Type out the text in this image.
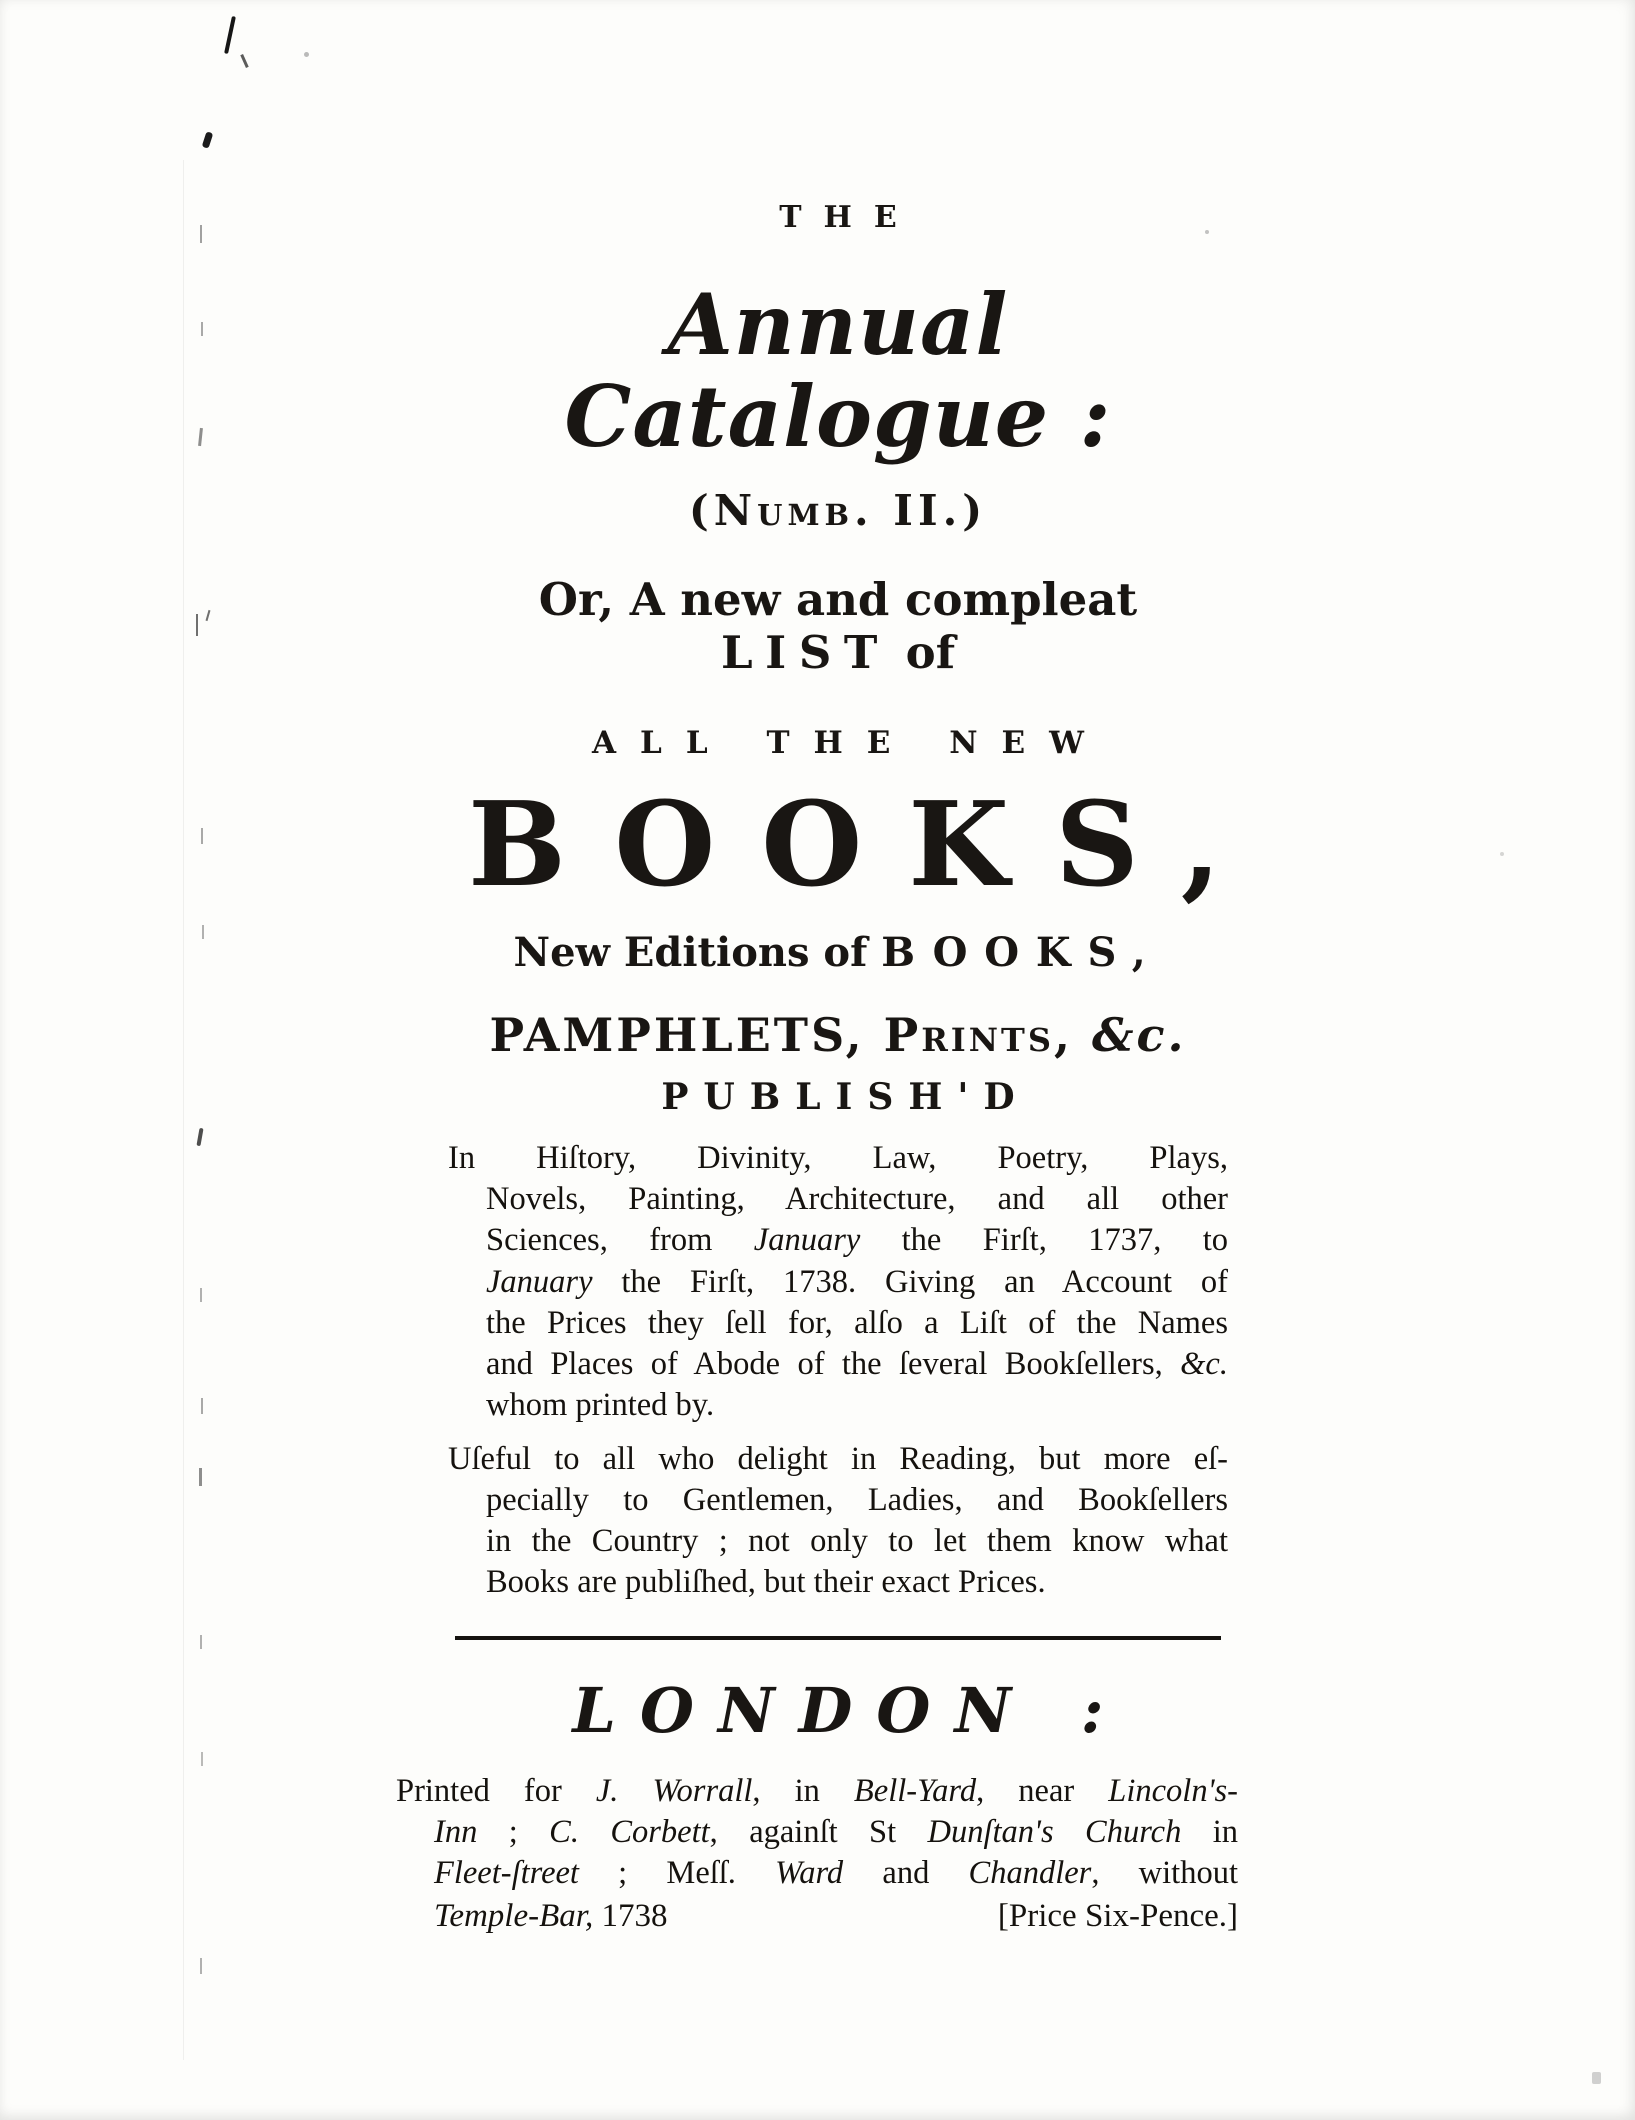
THE
Annual Catalogue :
(Numb. II.)
Or, A new and compleat LIST of
ALL THE NEW
BOOKS,
New Editions of BOOKS,
PAMPHLETS, Prints, &c.
PUBLISH'D
In Hiſtory, Divinity, Law, Poetry, Plays,
Novels, Painting, Architecture, and all other
Sciences, from January the Firſt, 1737, to
January the Firſt, 1738. Giving an Account of
the Prices they ſell for, alſo a Liſt of the Names
and Places of Abode of the ſeveral Bookſellers, &c.
whom printed by.
Uſeful to all who delight in Reading, but more eſ-
pecially to Gentlemen, Ladies, and Bookſellers
in the Country ; not only to let them know what
Books are publiſhed, but their exact Prices.
LONDON :
Printed for J. Worrall, in Bell-Yard, near Lincoln's-
Inn ; C. Corbett, againſt St Dunſtan's Church in
Fleet-ſtreet ; Meſſ. Ward and Chandler, without
Temple-Bar, 1738	[Price Six-Pence.]
